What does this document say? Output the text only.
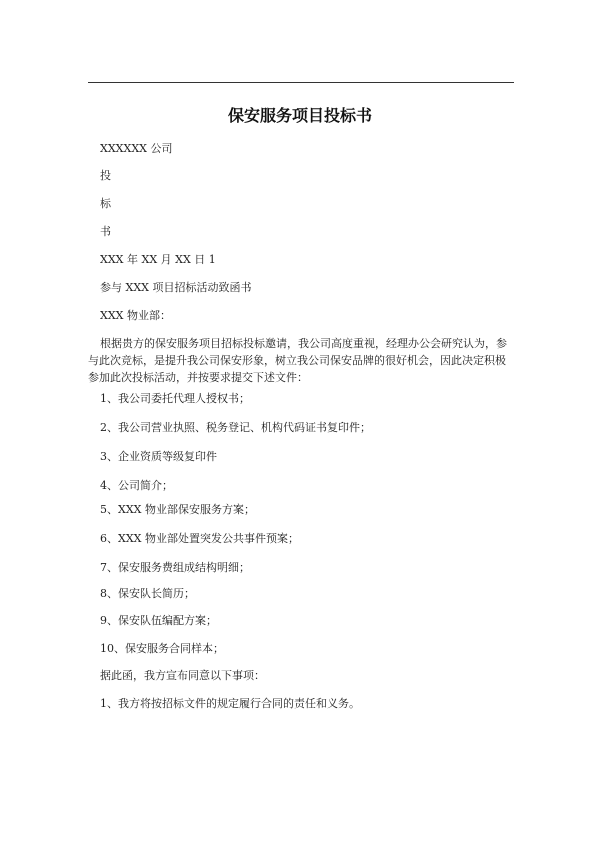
保安服务项目投标书
XXXXXX 公司
投
标
书
XXX 年 XX 月 XX 日 1
参与 XXX 项目招标活动致函书
XXX 物业部：
根据贵方的保安服务项目招标投标邀请，我公司高度重视，经理办公会研究认为，参与此次竞标，是提升我公司保安形象，树立我公司保安品牌的很好机会，因此决定积极参加此次投标活动，并按要求提交下述文件：
1、我公司委托代理人授权书；
2、我公司营业执照、税务登记、机构代码证书复印件；
3、企业资质等级复印件
4、公司简介；
5、XXX 物业部保安服务方案；
6、XXX 物业部处置突发公共事件预案；
7、保安服务费组成结构明细；
8、保安队长简历；
9、保安队伍编配方案；
10、保安服务合同样本；
据此函，我方宣布同意以下事项：
1、我方将按招标文件的规定履行合同的责任和义务。
